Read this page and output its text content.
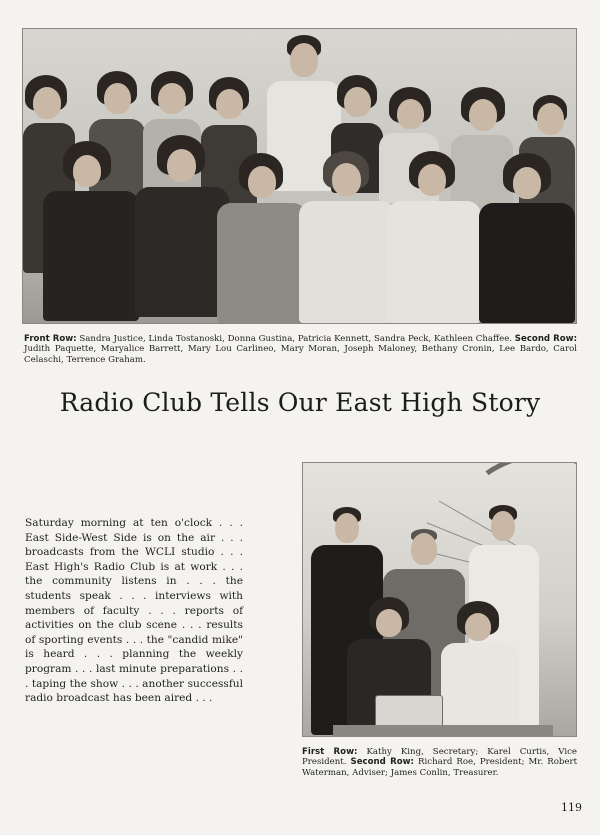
Front Row: Sandra Justice, Linda Tostanoski, Donna Gustina, Patricia Kennett, Sandra Peck, Kathleen Chaffee. Second Row: Judith Paquette, Maryalice Barrett, Mary Lou Carlineo, Mary Moran, Joseph Maloney, Bethany Cronin, Lee Bardo, Carol Celaschi, Terrence Graham.
Radio Club Tells Our East High Story
Saturday morning at ten o'clock . . . East Side-West Side is on the air . . . broadcasts from the WCLI studio . . . East High's Radio Club is at work . . . the community listens in . . . the students speak . . . interviews with members of faculty . . . reports of activities on the club scene . . . results of sporting events . . . the "candid mike" is heard . . . planning the weekly program . . . last minute preparations . . . taping the show . . . another successful radio broadcast has been aired . . .
First Row: Kathy King, Secretary; Karel Curtis, Vice President. Second Row: Richard Roe, President; Mr. Robert Waterman, Adviser; James Conlin, Treasurer.
119
